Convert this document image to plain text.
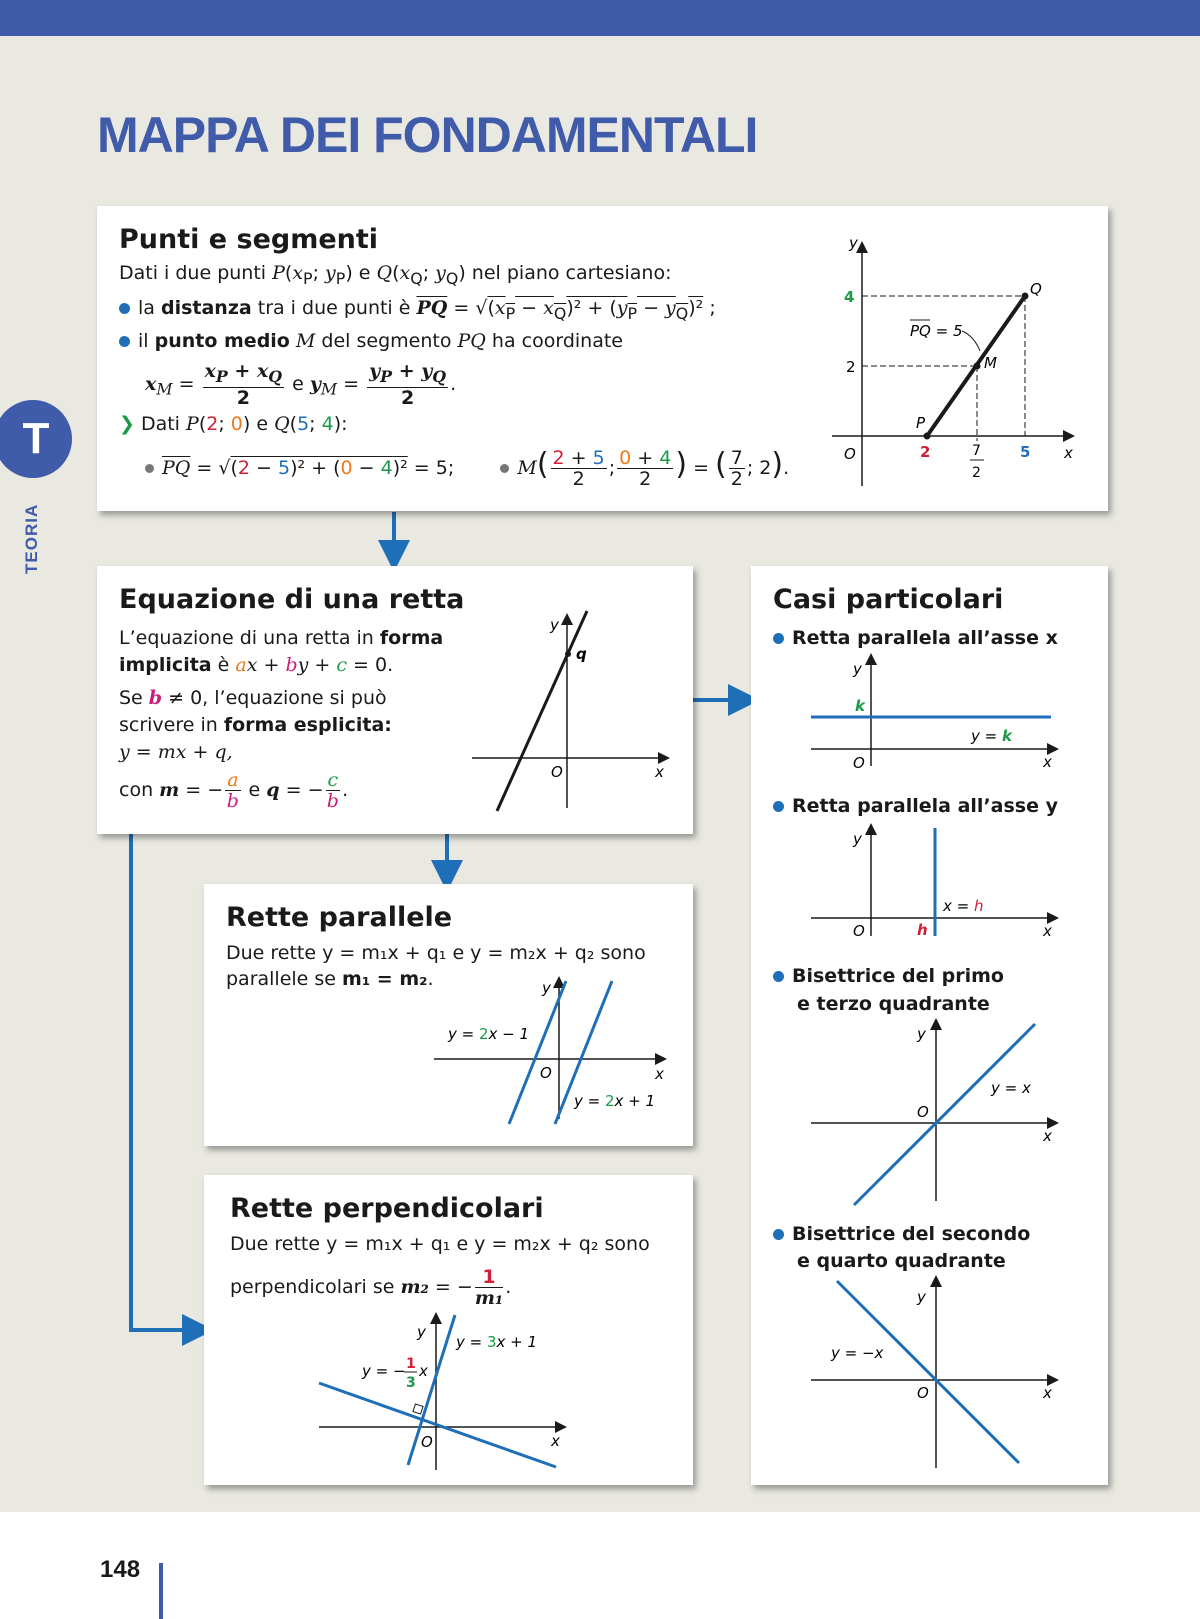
MAPPA DEI FONDAMENTALI
T
TEORIA
Punti e segmenti
Dati i due punti $P(x_P$; $y_P$) e $Q(x_Q$; $y_Q$) nel piano cartesiano:
la distanza tra i due punti è $\overline{PQ} = √(x_P - x_Q)^2 + (y_P - y_Q)^2$ ;
il punto medio M del segmento PQ ha coordinate
$x_M = \frac{x_P + x_Q}{2}$ e $y_M = \frac{y_P + y_Q}{2}$ .
❯ Dati P(2; 0) e Q(5; 4):
$\overline{PQ} = √(2 - 5)^2 + (0 - 4)^2 = 5$;	$M( \frac{2 + 5}{2}$ ; $\frac{0 + 4}{2}$ ) = ( $\frac{7}{2}$ ; 2).
y
x
O
4
2
2	7
2
5
P
Q
M
PQ = 5
Equazione di una retta
L’equazione di una retta in forma
implicita è ax + by + c = 0.
Se b ≠ 0, l’equazione si può
scrivere in forma esplicita:
y = mx + q,
con m = − $\frac{a}{b}$ e q = − $\frac{c}{b}$ .
y
x
O
q
Rette parallele
Due rette y = m₁x + q₁ e y = m₂x + q₂ sono
parallele se m₁ = m₂.	y
x
O
y = 2x − 1
y = 2x + 1
Rette perpendicolari
Due rette y = m₁x + q₁ e y = m₂x + q₂ sono
perpendicolari se m₂ = − $\frac{1}{\text{m₁}}$ .
y
x
O
y = 3x + 1
y = − 1
3
x
Casi particolari
Retta parallela all’asse x
y
x
O
k
y = k
Retta parallela all’asse y
y
x
O	h
x = h
Bisettrice del primo
e terzo quadrante
y
x
O
y = x
Bisettrice del secondo
e quarto quadrante
y
x
O
y = −x
148
